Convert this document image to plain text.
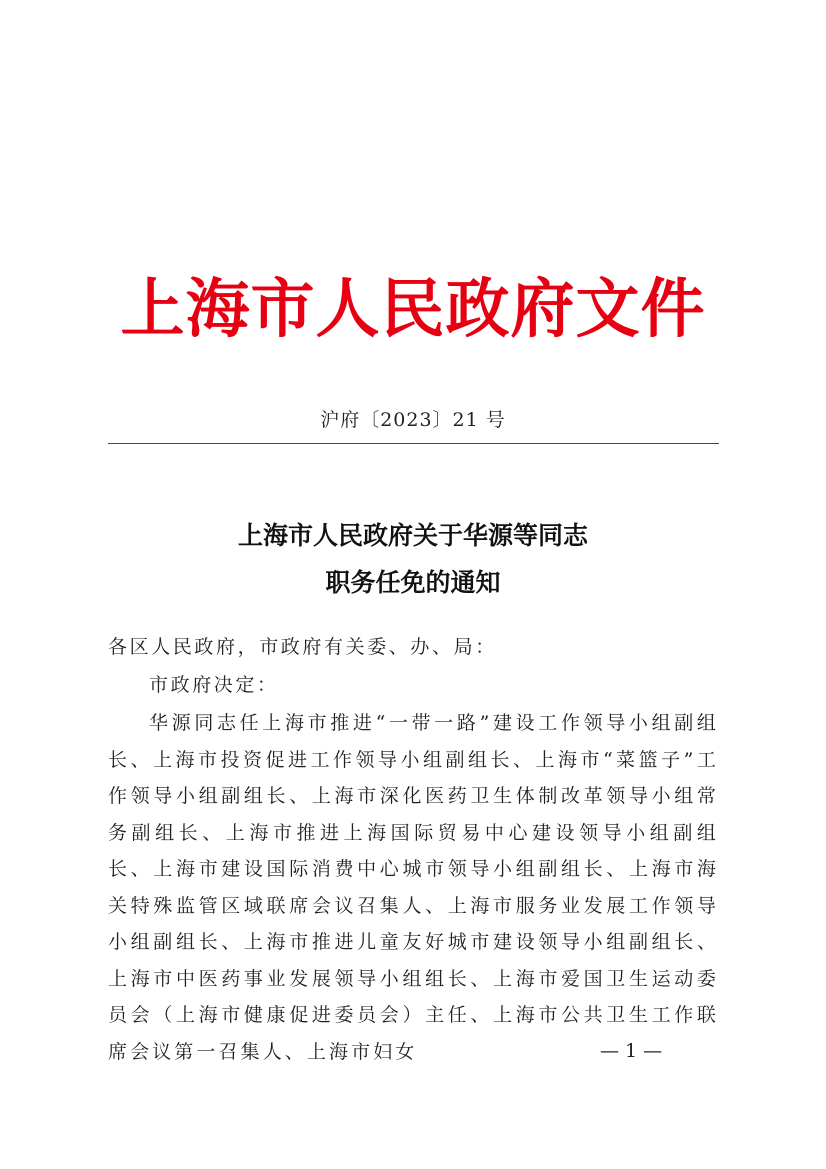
上海市人民政府文件
沪府〔2023〕21 号
上海市人民政府关于华源等同志
职务任免的通知
各区人民政府，市政府有关委、办、局：
市政府决定：
华源同志任上海市推进“一带一路”建设工作领导小组副组长、上海市投资促进工作领导小组副组长、上海市“菜篮子”工作领导小组副组长、上海市深化医药卫生体制改革领导小组常务副组长、上海市推进上海国际贸易中心建设领导小组副组长、上海市建设国际消费中心城市领导小组副组长、上海市海关特殊监管区域联席会议召集人、上海市服务业发展工作领导小组副组长、上海市推进儿童友好城市建设领导小组副组长、上海市中医药事业发展领导小组组长、上海市爱国卫生运动委员会（上海市健康促进委员会）主任、上海市公共卫生工作联席会议第一召集人、上海市妇女	— 1 —
